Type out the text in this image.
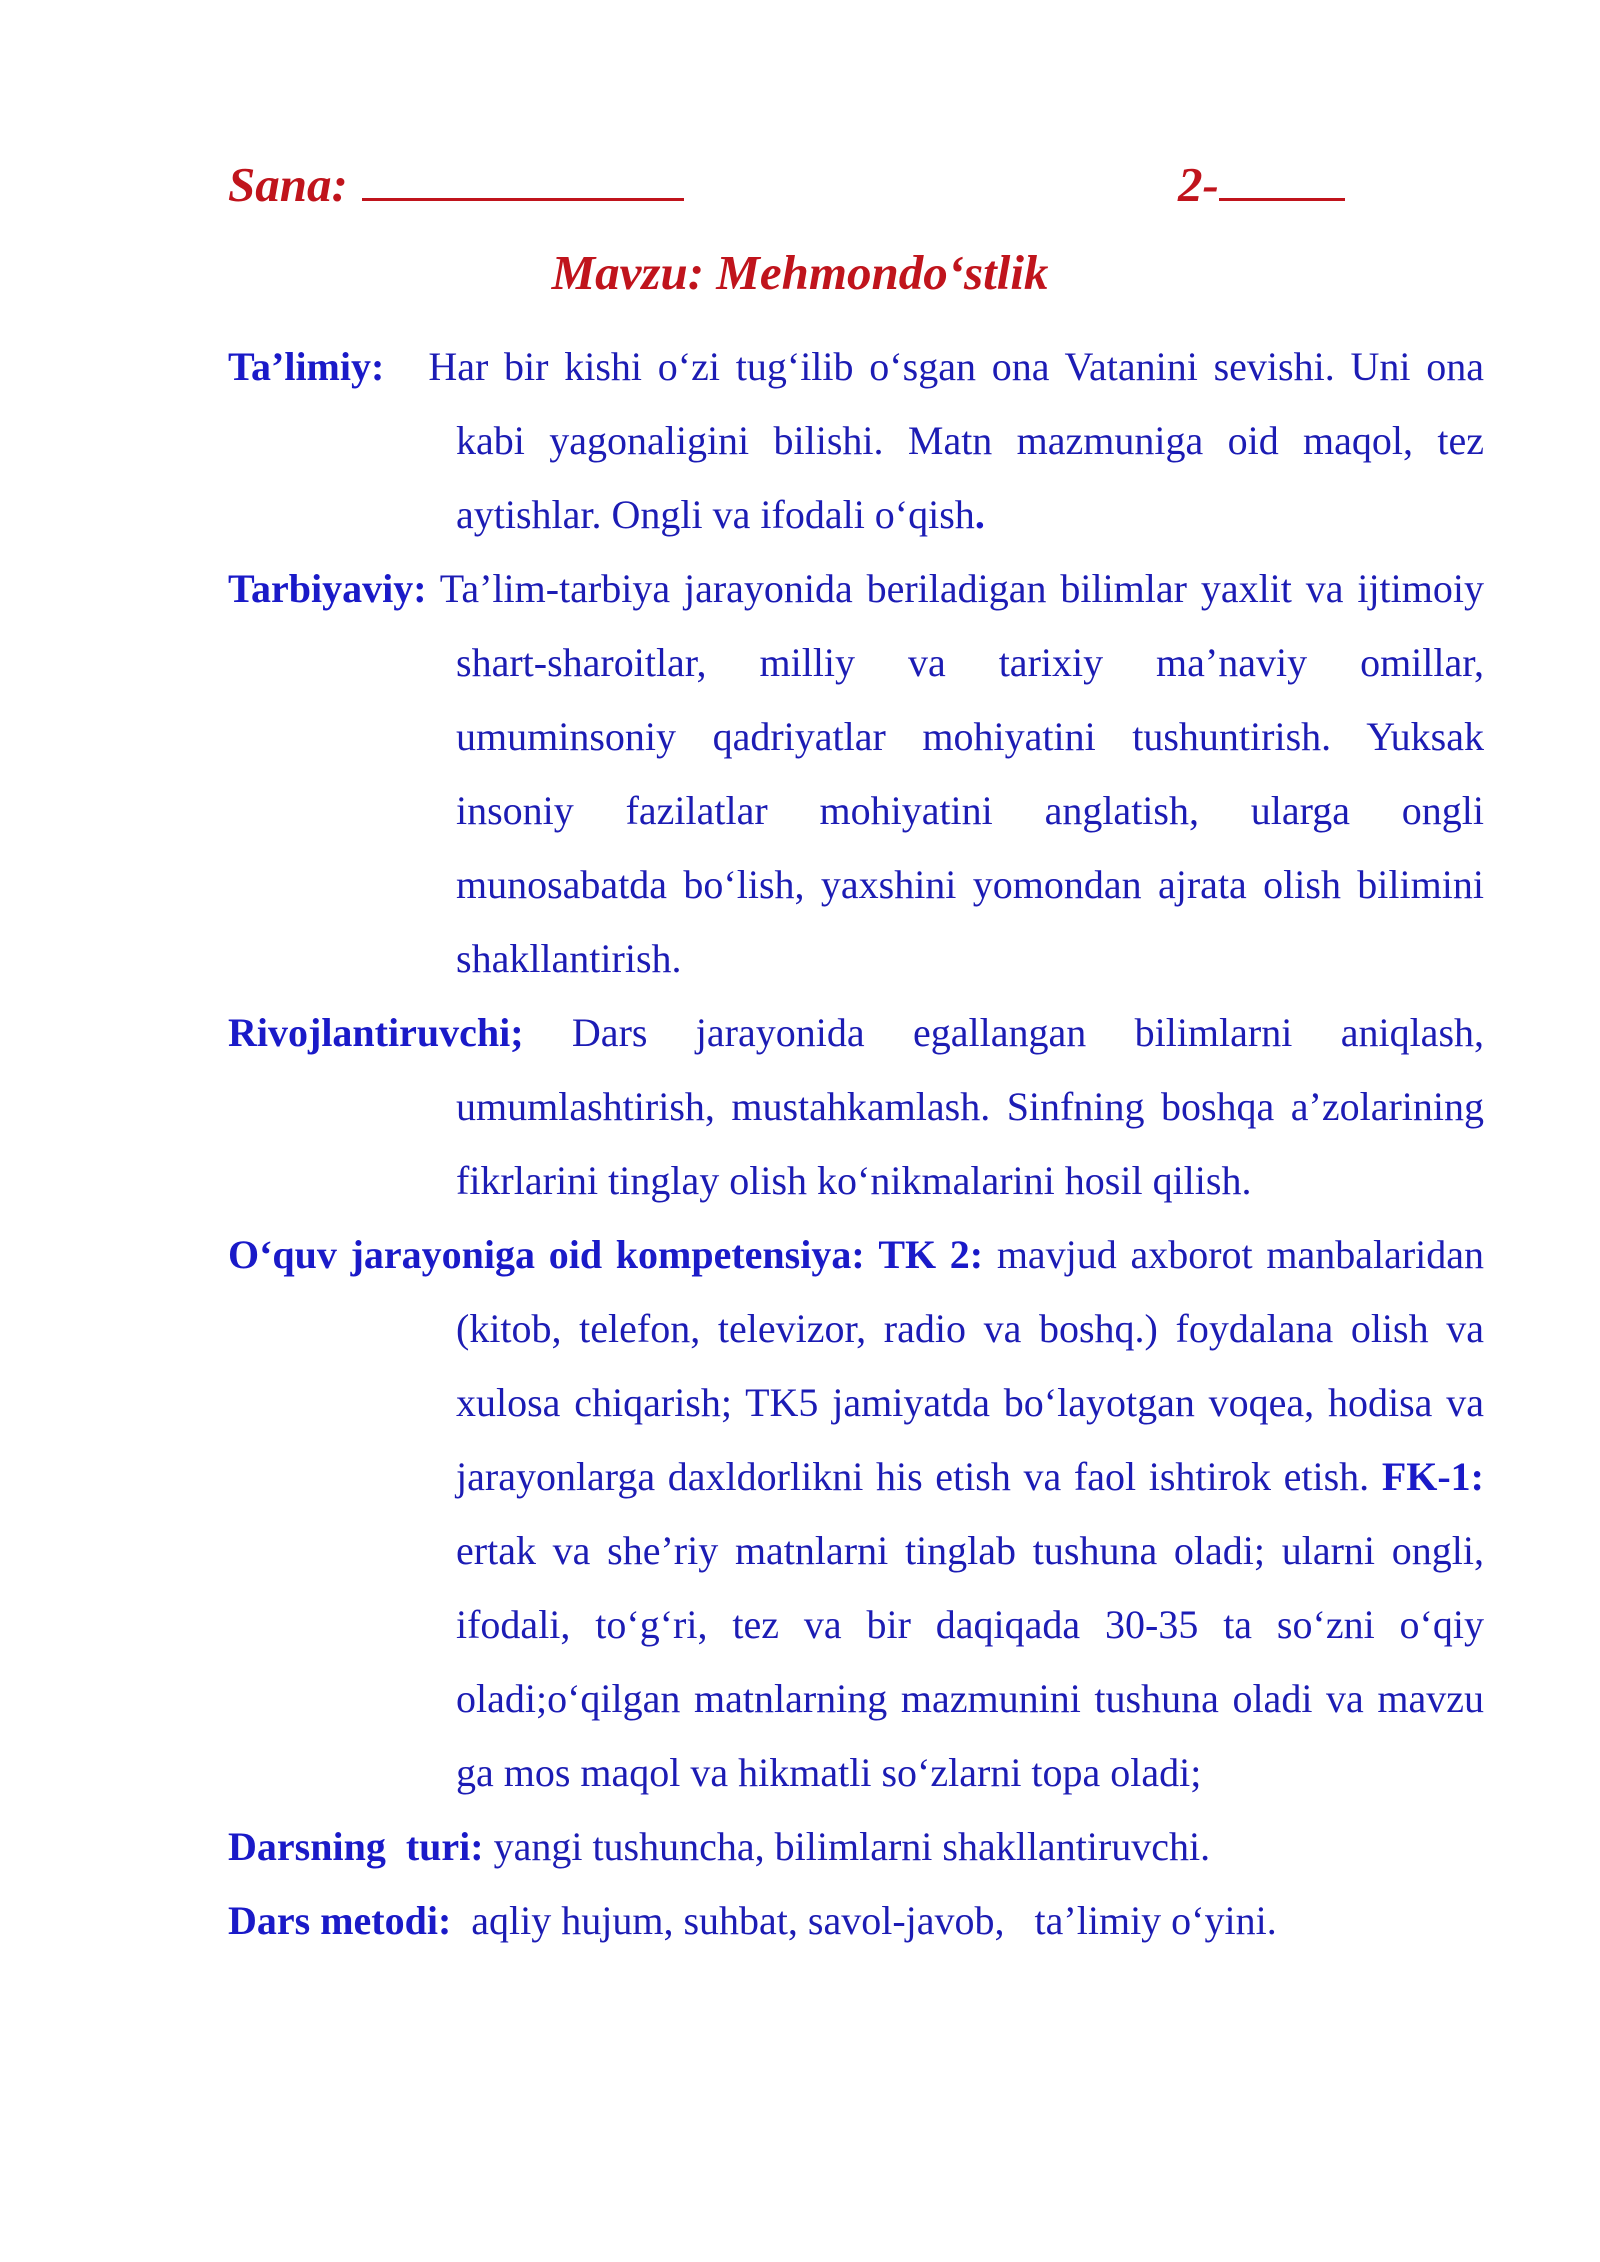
Sana:	2-
Mavzu: Mehmondo‘stlik

Ta’limiy: Har bir kishi o‘zi tug‘ilib o‘sgan ona Vatanini sevishi. Uni ona kabi yagonaligini bilishi. Matn mazmuniga oid maqol, tez aytishlar. Ongli va ifodali o‘qish.

Tarbiyaviy: Ta’lim-tarbiya jarayonida beriladigan bilimlar yaxlit va ijtimoiy shart-sharoitlar, milliy va tarixiy ma’naviy omillar, umuminsoniy qadriyatlar mohiyatini tushuntirish. Yuksak insoniy fazilatlar mohiyatini anglatish, ularga ongli munosabatda bo‘lish, yaxshini yomondan ajrata olish bilimini shakllantirish.

Rivojlantiruvchi; Dars jarayonida egallangan bilimlarni aniqlash, umumlashtirish, mustahkamlash. Sinfning boshqa a’zolarining fikrlarini tinglay olish ko‘nikmalarini hosil qilish.

O‘quv jarayoniga oid kompetensiya: TK 2: mavjud axborot manbalaridan (kitob, telefon, televizor, radio va boshq.) foydalana olish va xulosa chiqarish; TK5 jamiyatda bo‘layotgan voqea, hodisa va jarayonlarga daxldorlikni his etish va faol ishtirok etish. FK-1: ertak va she’riy matnlarni tinglab tushuna oladi; ularni ongli, ifodali, to‘g‘ri, tez va bir daqiqada 30-35 ta so‘zni o‘qiy oladi;o‘qilgan matnlarning mazmunini tushuna oladi va mavzu ga mos maqol va hikmatli so‘zlarni topa oladi;

Darsning  turi: yangi tushuncha, bilimlarni shakllantiruvchi.

Dars metodi: aqliy hujum, suhbat, savol-javob,   ta’limiy o‘yini.
